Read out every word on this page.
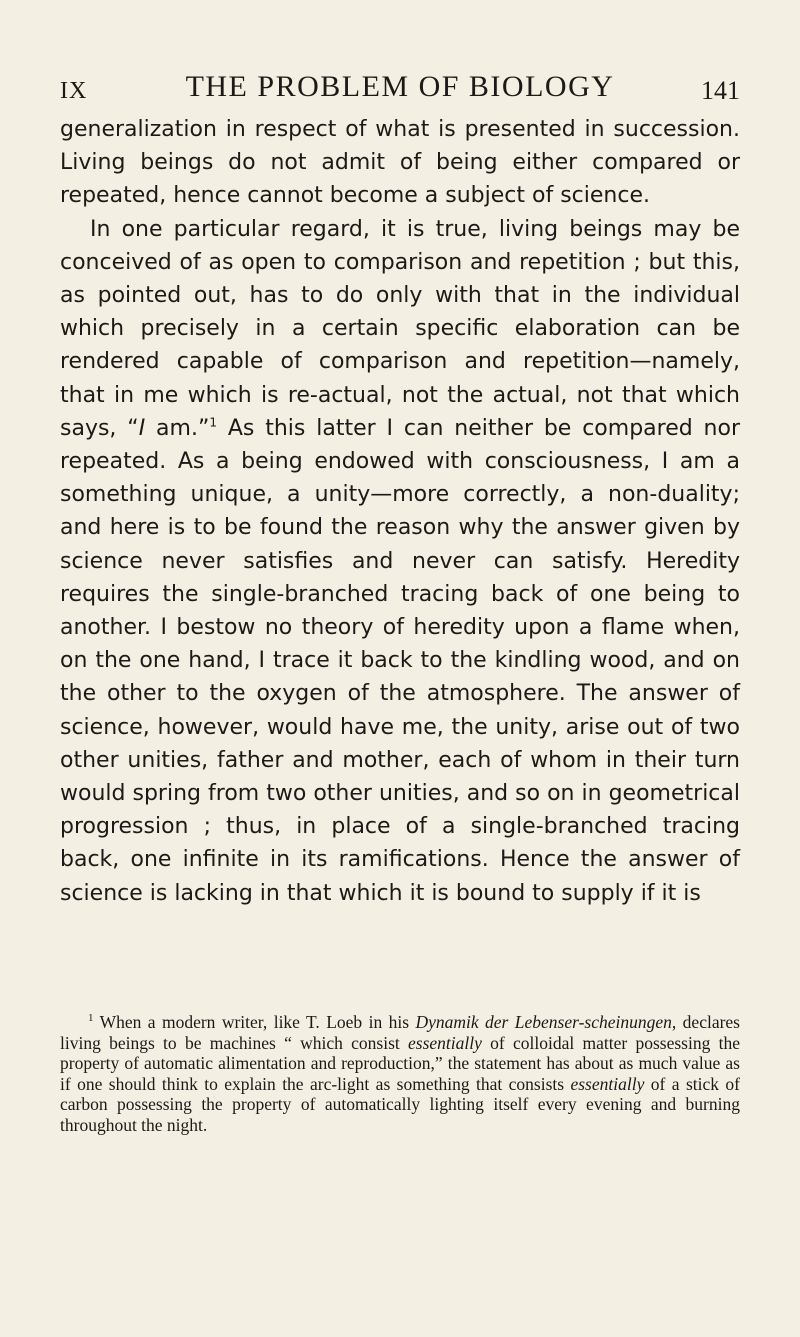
IX	THE PROBLEM OF BIOLOGY	141

generalization in respect of what is presented in succession. Living beings do not admit of being either compared or repeated, hence cannot become a subject of science.

In one particular regard, it is true, living beings may be conceived of as open to comparison and repetition ; but this, as pointed out, has to do only with that in the individual which precisely in a certain specific elaboration can be rendered capable of comparison and repetition—namely, that in me which is re-actual, not the actual, not that which says, “I am.”$^1$ As this latter I can neither be compared nor repeated. As a being endowed with consciousness, I am a something unique, a unity—more correctly, a non-duality; and here is to be found the reason why the answer given by science never satisfies and never can satisfy. Heredity requires the single-branched tracing back of one being to another. I bestow no theory of heredity upon a flame when, on the one hand, I trace it back to the kindling wood, and on the other to the oxygen of the atmosphere. The answer of science, however, would have me, the unity, arise out of two other unities, father and mother, each of whom in their turn would spring from two other unities, and so on in geometrical progression ; thus, in place of a single-branched tracing back, one infinite in its ramifications. Hence the answer of science is lacking in that which it is bound to supply if it is

$^1$ When a modern writer, like T. Loeb in his Dynamik der Lebenser-scheinungen, declares living beings to be machines “ which consist essentially of colloidal matter possessing the property of automatic alimentation and reproduction,” the statement has about as much value as if one should think to explain the arc-light as something that consists essentially of a stick of carbon possessing the property of automatically lighting itself every evening and burning throughout the night.
